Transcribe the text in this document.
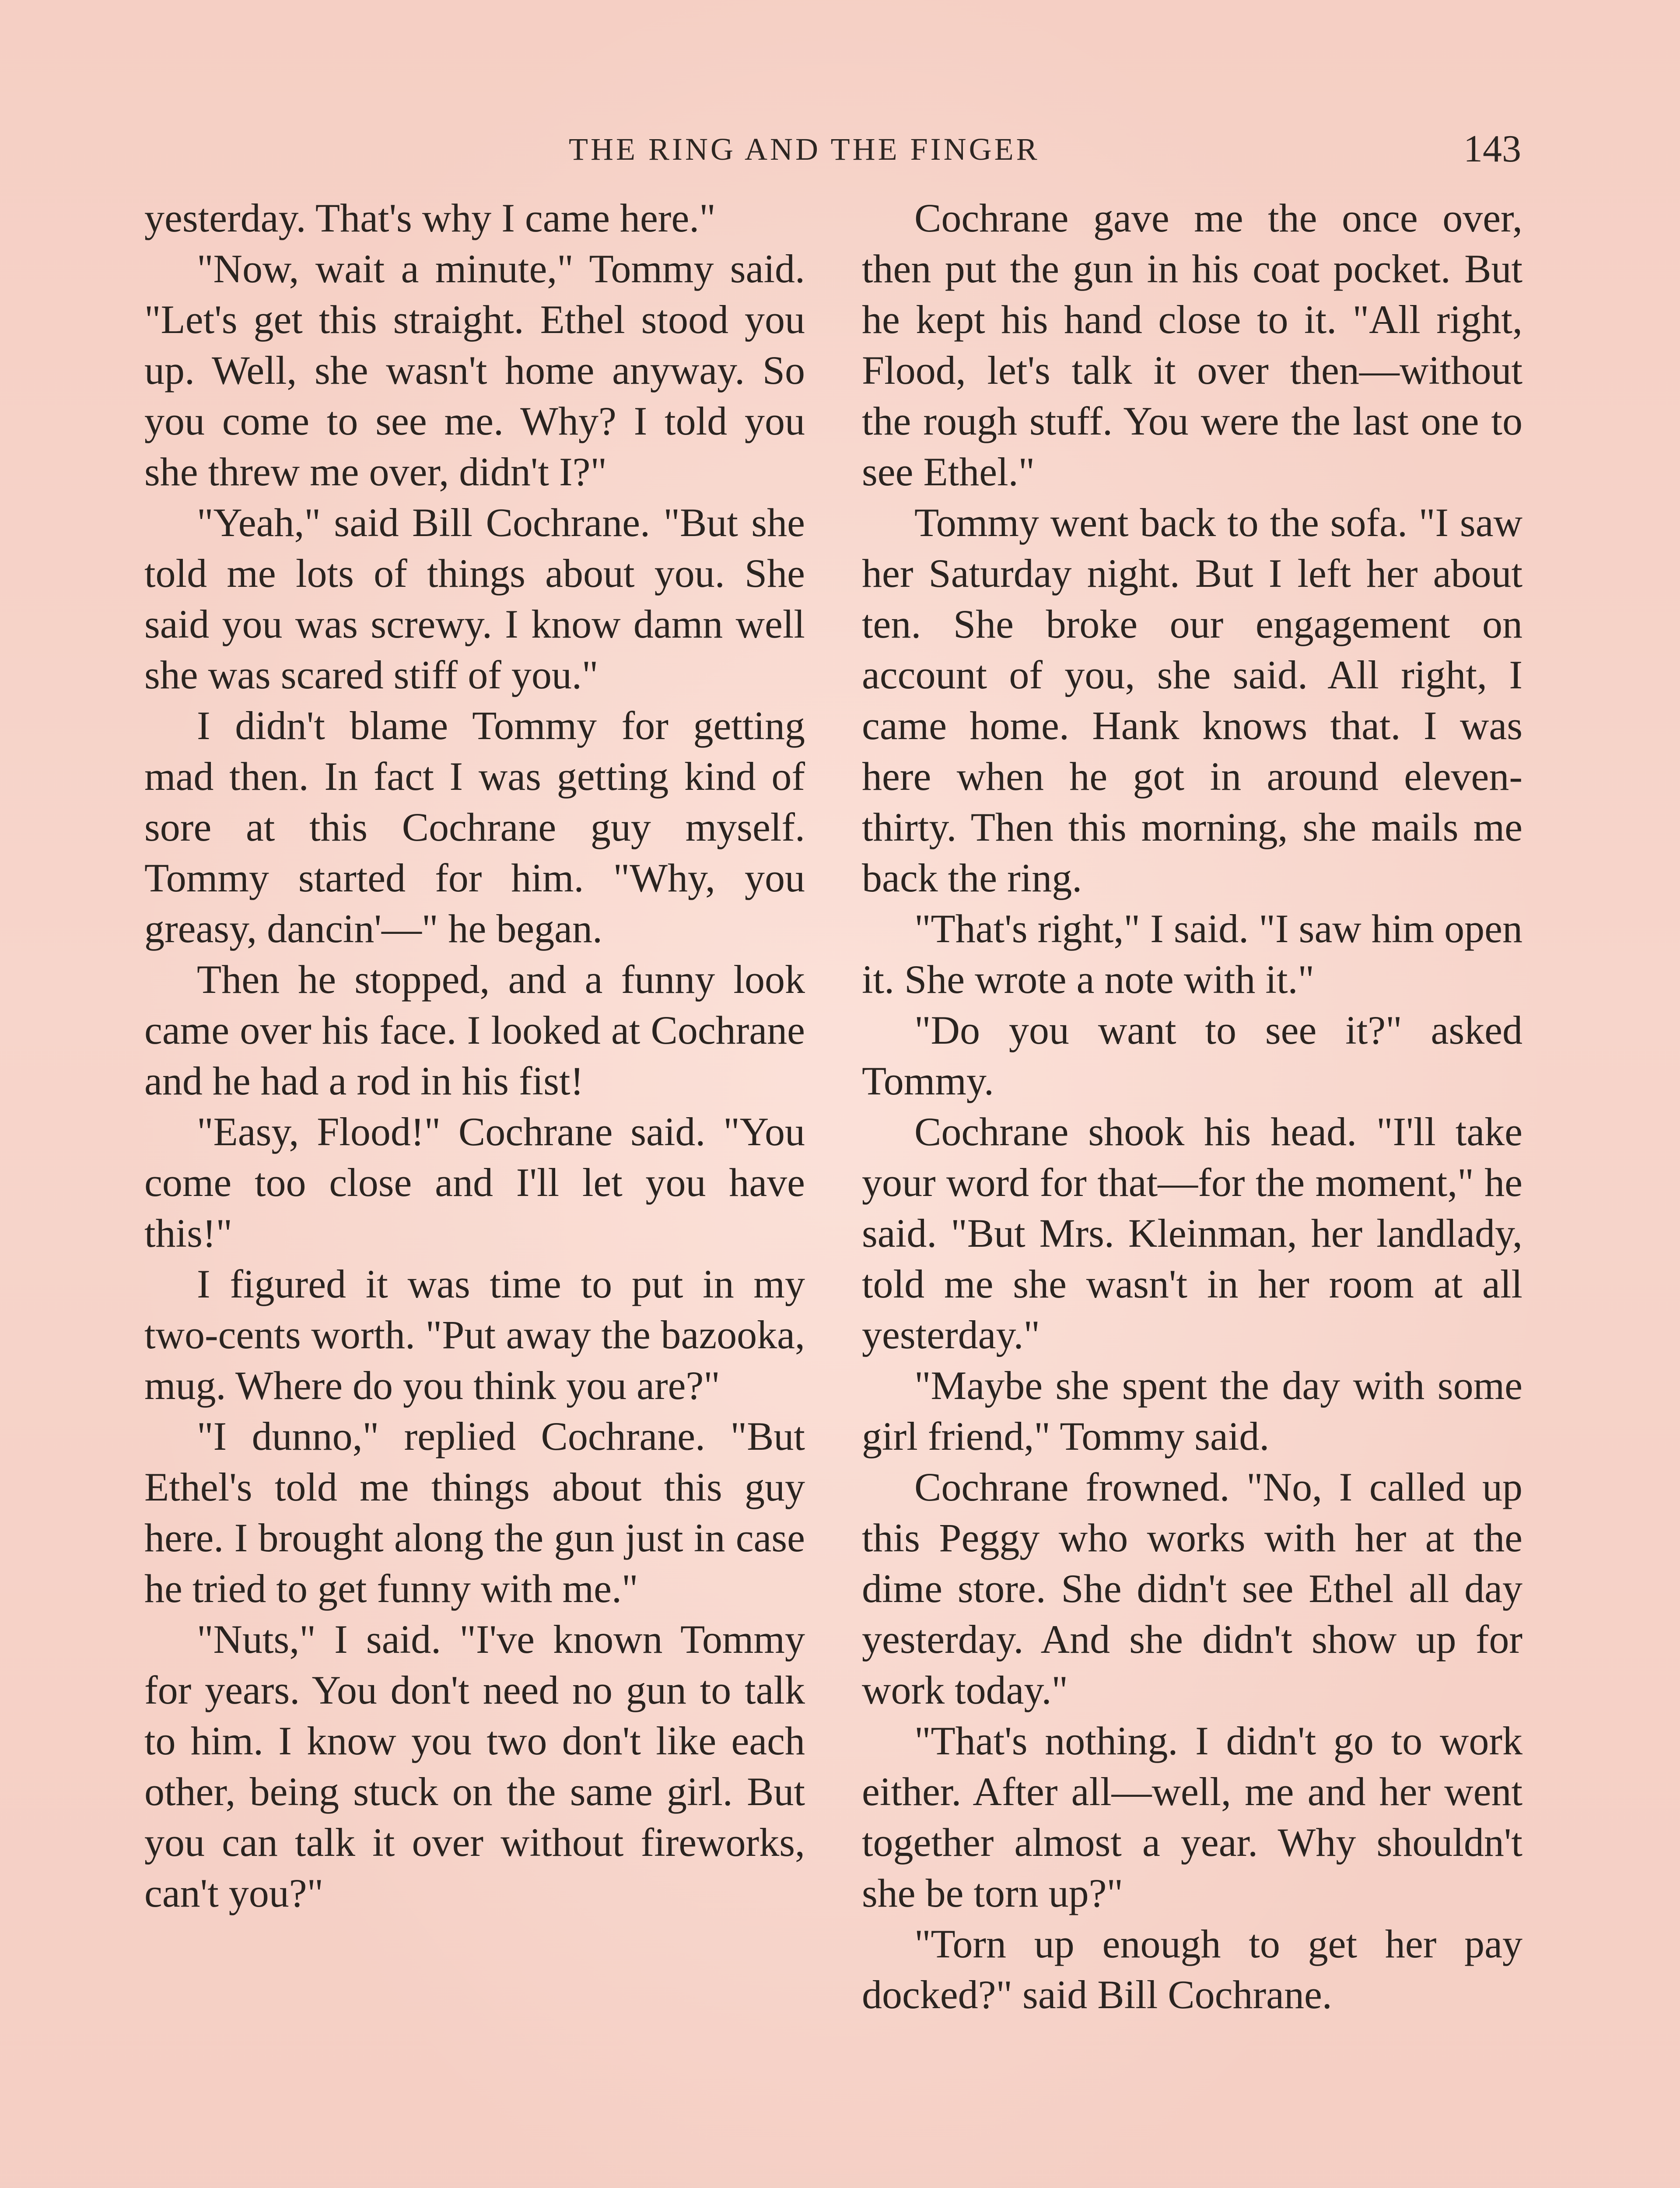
THE RING AND THE FINGER	143

yesterday. That's why I came here."

"Now, wait a minute," Tommy said. "Let's get this straight. Ethel stood you up. Well, she wasn't home anyway. So you come to see me. Why? I told you she threw me over, didn't I?"

"Yeah," said Bill Cochrane. "But she told me lots of things about you. She said you was screwy. I know damn well she was scared stiff of you."

I didn't blame Tommy for getting mad then. In fact I was getting kind of sore at this Cochrane guy myself. Tommy started for him. "Why, you greasy, dancin'—" he began.

Then he stopped, and a funny look came over his face. I looked at Cochrane and he had a rod in his fist!

"Easy, Flood!" Cochrane said. "You come too close and I'll let you have this!"

I figured it was time to put in my two-cents worth. "Put away the bazooka, mug. Where do you think you are?"

"I dunno," replied Cochrane. "But Ethel's told me things about this guy here. I brought along the gun just in case he tried to get funny with me."

"Nuts," I said. "I've known Tommy for years. You don't need no gun to talk to him. I know you two don't like each other, being stuck on the same girl. But you can talk it over without fireworks, can't you?"

Cochrane gave me the once over, then put the gun in his coat pocket. But he kept his hand close to it. "All right, Flood, let's talk it over then—without the rough stuff. You were the last one to see Ethel."

Tommy went back to the sofa. "I saw her Saturday night. But I left her about ten. She broke our engagement on account of you, she said. All right, I came home. Hank knows that. I was here when he got in around eleven-thirty. Then this morning, she mails me back the ring.

"That's right," I said. "I saw him open it. She wrote a note with it."

"Do you want to see it?" asked Tommy.

Cochrane shook his head. "I'll take your word for that—for the moment," he said. "But Mrs. Kleinman, her landlady, told me she wasn't in her room at all yesterday."

"Maybe she spent the day with some girl friend," Tommy said.

Cochrane frowned. "No, I called up this Peggy who works with her at the dime store. She didn't see Ethel all day yesterday. And she didn't show up for work today."

"That's nothing. I didn't go to work either. After all—well, me and her went together almost a year. Why shouldn't she be torn up?"

"Torn up enough to get her pay docked?" said Bill Cochrane.
